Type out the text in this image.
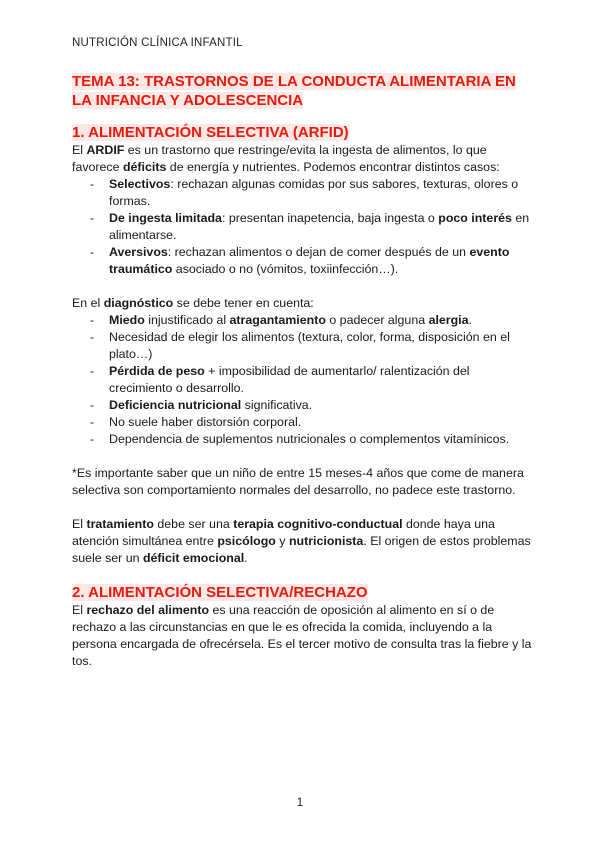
NUTRICIÓN CLÍNICA INFANTIL
TEMA 13: TRASTORNOS DE LA CONDUCTA ALIMENTARIA EN
LA INFANCIA Y ADOLESCENCIA
1. ALIMENTACIÓN SELECTIVA (ARFID)

El ARDIF es un trastorno que restringe/evita la ingesta de alimentos, lo que favorece déficits de energía y nutrientes. Podemos encontrar distintos casos:

- Selectivos: rechazan algunas comidas por sus sabores, texturas, olores o formas.
- De ingesta limitada: presentan inapetencia, baja ingesta o poco interés en alimentarse.
- Aversivos: rechazan alimentos o dejan de comer después de un evento traumático asociado o no (vómitos, toxiinfección…).

En el diagnóstico se debe tener en cuenta:

- Miedo injustificado al atragantamiento o padecer alguna alergia.
- Necesidad de elegir los alimentos (textura, color, forma, disposición en el plato…)
- Pérdida de peso + imposibilidad de aumentarlo/ ralentización del crecimiento o desarrollo.
- Deficiencia nutricional significativa.
- No suele haber distorsión corporal.
- Dependencia de suplementos nutricionales o complementos vitamínicos.

*Es importante saber que un niño de entre 15 meses-4 años que come de manera selectiva son comportamiento normales del desarrollo, no padece este trastorno.

El tratamiento debe ser una terapia cognitivo-conductual donde haya una atención simultánea entre psicólogo y nutricionista. El origen de estos problemas suele ser un déficit emocional.

2. ALIMENTACIÓN SELECTIVA/RECHAZO

El rechazo del alimento es una reacción de oposición al alimento en sí o de rechazo a las circunstancias en que le es ofrecida la comida, incluyendo a la persona encargada de ofrecérsela. Es el tercer motivo de consulta tras la fiebre y la tos.

1
